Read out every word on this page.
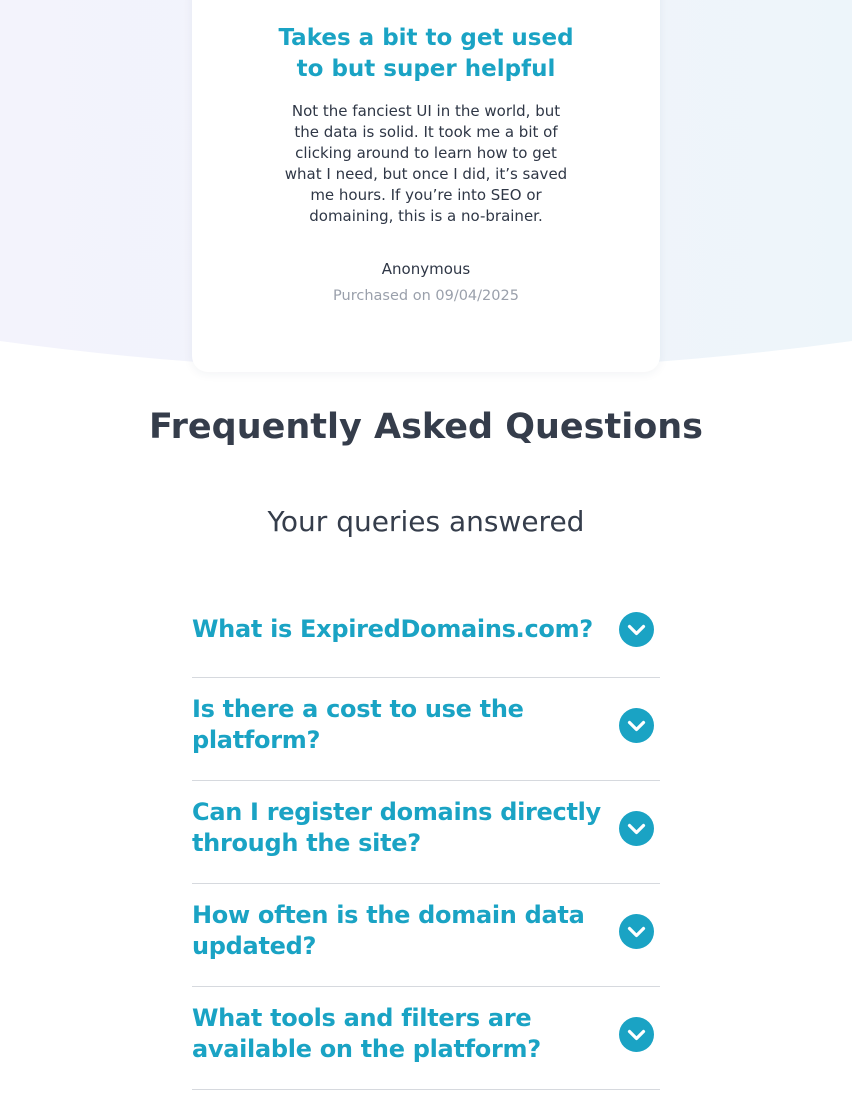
Takes a bit to get used to but super helpful
Not the fanciest UI in the world, but the data is solid. It took me a bit of clicking around to learn how to get what I need, but once I did, it’s saved me hours. If you’re into SEO or domaining, this is a no-brainer.
Anonymous
Purchased on 09/04/2025
Frequently Asked Questions
Your queries answered
What is ExpiredDomains.com?
Is there a cost to use the platform?
Can I register domains directly through the site?
How often is the domain data updated?
What tools and filters are available on the platform?
